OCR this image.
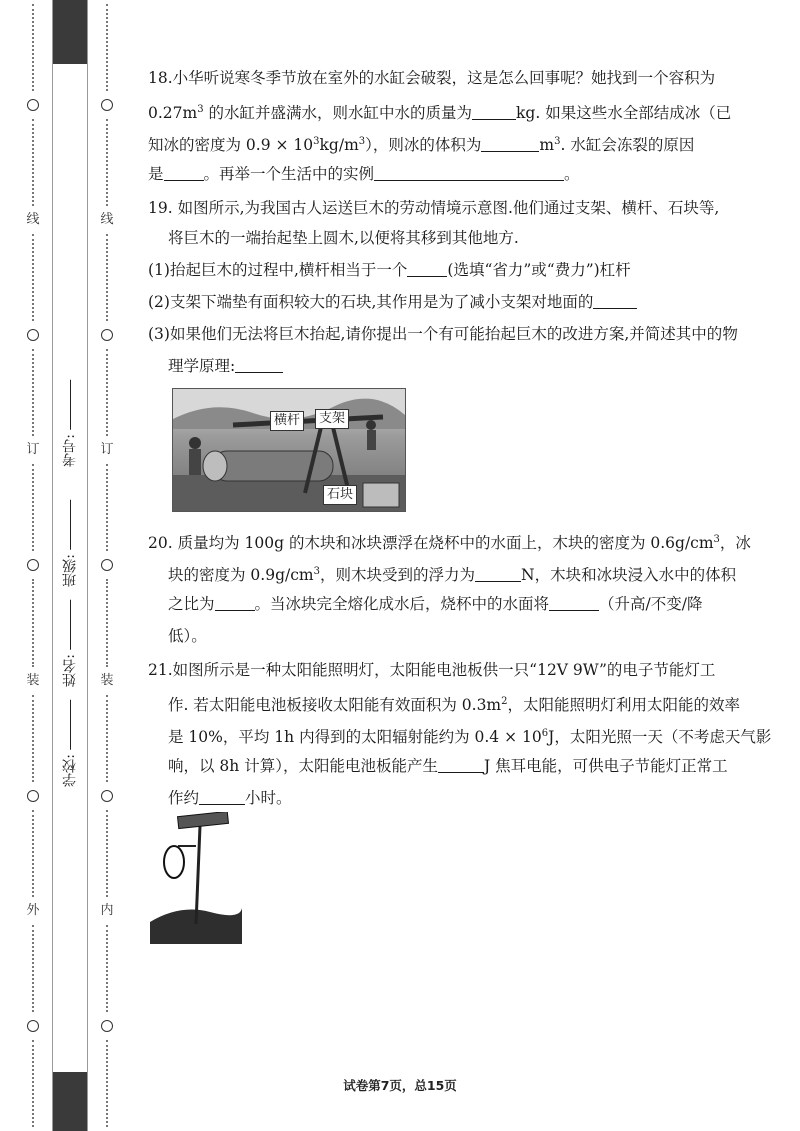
线
订
装
外
学校:
姓名:
班级:
考号:
线
订
装
内
18.小华听说寒冬季节放在室外的水缸会破裂，这是怎么回事呢？她找到一个容积为
$0.27m^3$ 的水缸并盛满水，则水缸中水的质量为	kg. 如果这些水全部结成冰（已
知冰的密度为 $0.9 \times 10^3kg/m^3$），则冰的体积为	$m^3$. 水缸会冻裂的原因
是	。再举一个生活中的实例	。
19. 如图所示,为我国古人运送巨木的劳动情境示意图.他们通过支架、横杆、石块等,
将巨木的一端抬起垫上圆木,以便将其移到其他地方.
(1)抬起巨木的过程中,横杆相当于一个	(选填“省力”或“费力”)杠杆
(2)支架下端垫有面积较大的石块,其作用是为了减小支架对地面的
(3)如果他们无法将巨木抬起,请你提出一个有可能抬起巨木的改进方案,并简述其中的物
理学原理:
横杆	支架
石块
20. 质量均为 100g 的木块和冰块漂浮在烧杯中的水面上，木块的密度为 $0.6g/cm^3$，冰
块的密度为 $0.9g/cm^3$，则木块受到的浮力为	N，木块和冰块浸入水中的体积
之比为	。当冰块完全熔化成水后，烧杯中的水面将	（升高/不变/降
低）。
21.如图所示是一种太阳能照明灯，太阳能电池板供一只“12V 9W”的电子节能灯工
作. 若太阳能电池板接收太阳能有效面积为 $0.3m^2$，太阳能照明灯利用太阳能的效率
是 10%，平均 1h 内得到的太阳辐射能约为 $0.4 \times 10^6J$，太阳光照一天（不考虑天气影
响，以 8h 计算），太阳能电池板能产生	J 焦耳电能，可供电子节能灯正常工
作约	小时。
试卷第7页，总15页
